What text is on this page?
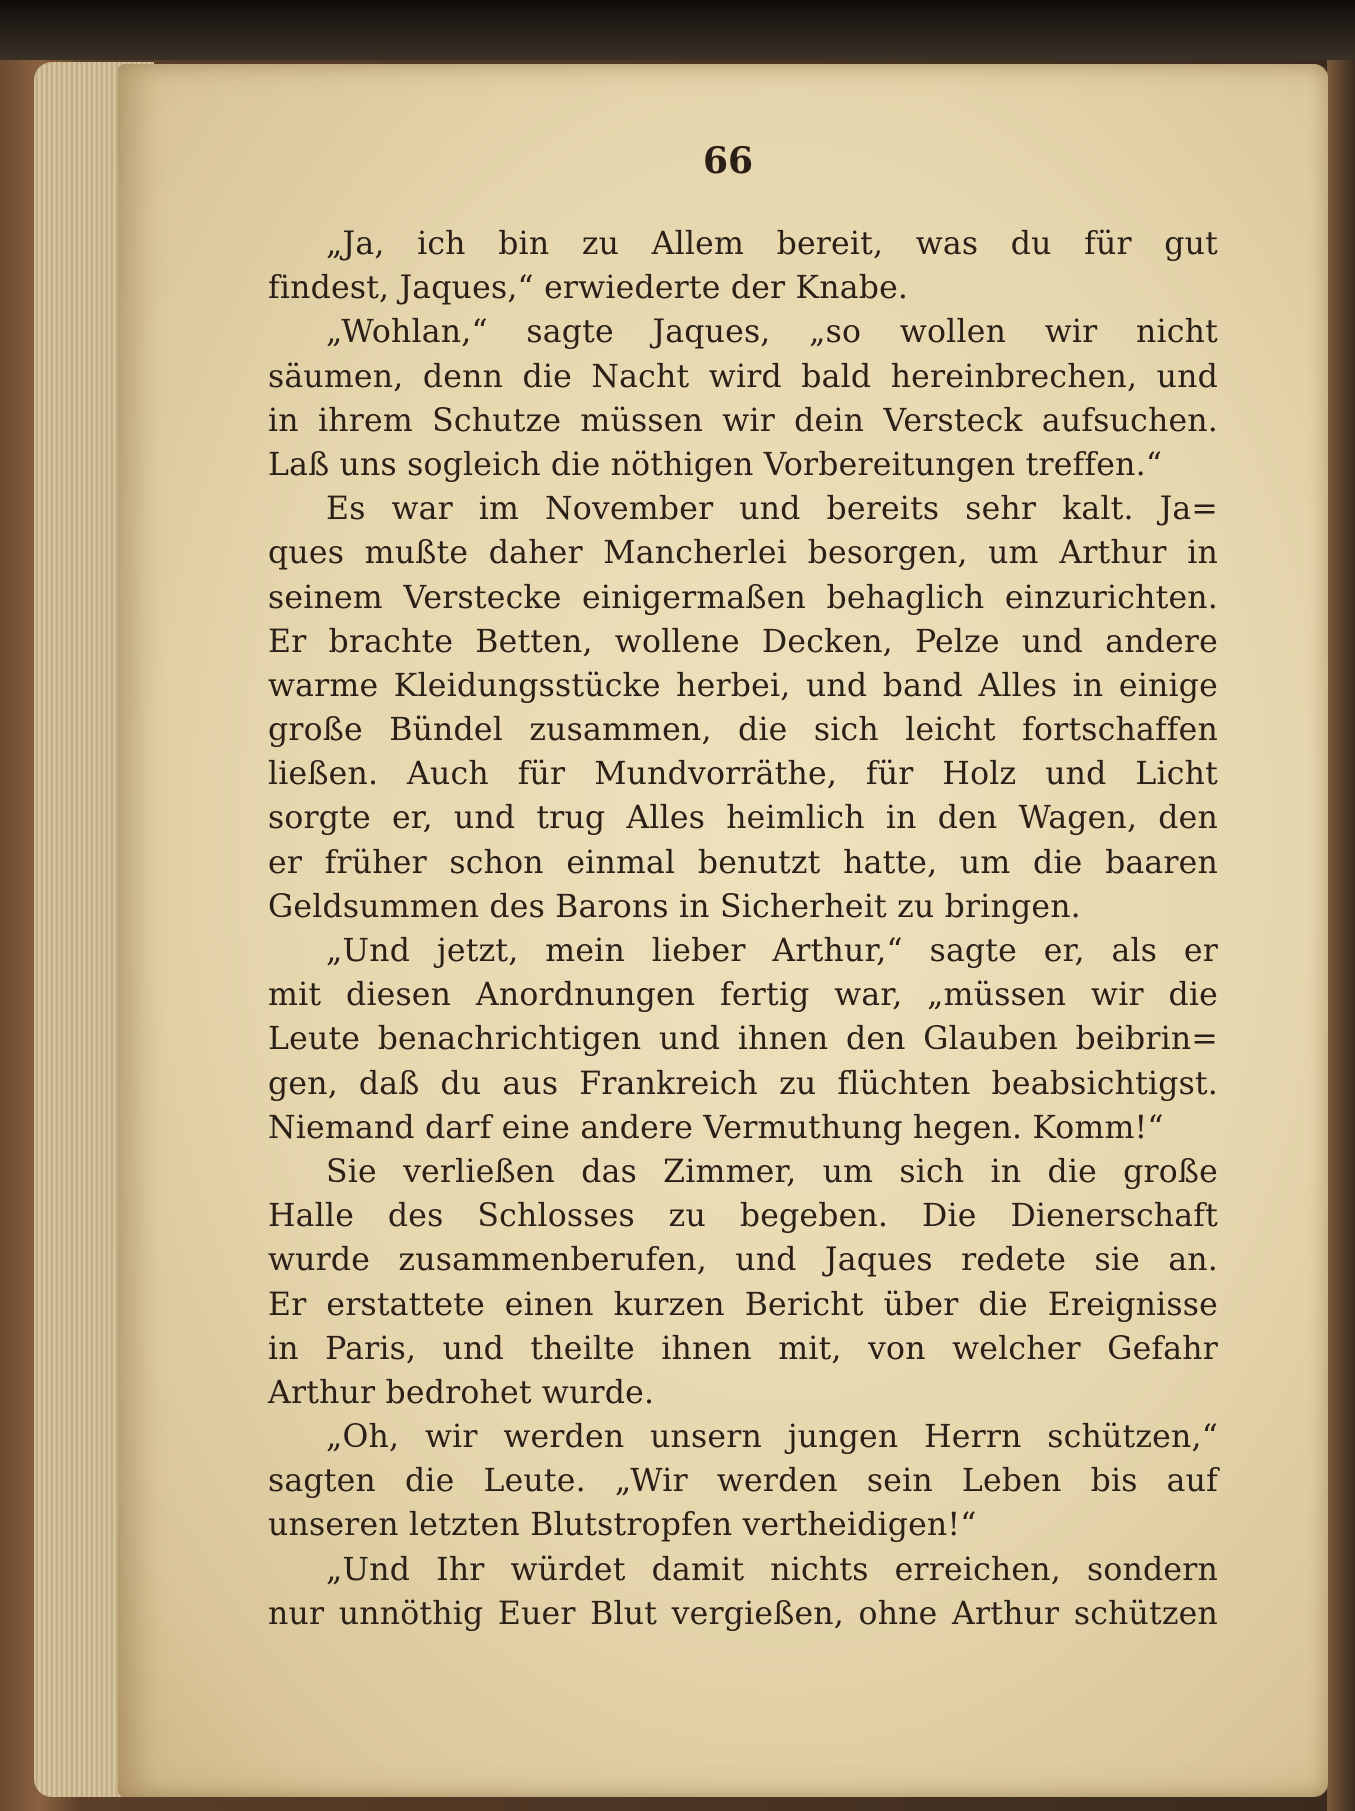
66
„Ja, ich bin zu Allem bereit, was du für gut
findest, Jaques,“ erwiederte der Knabe.
„Wohlan,“ sagte Jaques, „so wollen wir nicht
säumen, denn die Nacht wird bald hereinbrechen, und
in ihrem Schutze müssen wir dein Versteck aufsuchen.
Laß uns sogleich die nöthigen Vorbereitungen treffen.“
Es war im November und bereits sehr kalt. Ja=
ques mußte daher Mancherlei besorgen, um Arthur in
seinem Verstecke einigermaßen behaglich einzurichten.
Er brachte Betten, wollene Decken, Pelze und andere
warme Kleidungsstücke herbei, und band Alles in einige
große Bündel zusammen, die sich leicht fortschaffen
ließen. Auch für Mundvorräthe, für Holz und Licht
sorgte er, und trug Alles heimlich in den Wagen, den
er früher schon einmal benutzt hatte, um die baaren
Geldsummen des Barons in Sicherheit zu bringen.
„Und jetzt, mein lieber Arthur,“ sagte er, als er
mit diesen Anordnungen fertig war, „müssen wir die
Leute benachrichtigen und ihnen den Glauben beibrin=
gen, daß du aus Frankreich zu flüchten beabsichtigst.
Niemand darf eine andere Vermuthung hegen. Komm!“
Sie verließen das Zimmer, um sich in die große
Halle des Schlosses zu begeben. Die Dienerschaft
wurde zusammenberufen, und Jaques redete sie an.
Er erstattete einen kurzen Bericht über die Ereignisse
in Paris, und theilte ihnen mit, von welcher Gefahr
Arthur bedrohet wurde.
„Oh, wir werden unsern jungen Herrn schützen,“
sagten die Leute. „Wir werden sein Leben bis auf
unseren letzten Blutstropfen vertheidigen!“
„Und Ihr würdet damit nichts erreichen, sondern
nur unnöthig Euer Blut vergießen, ohne Arthur schützen
